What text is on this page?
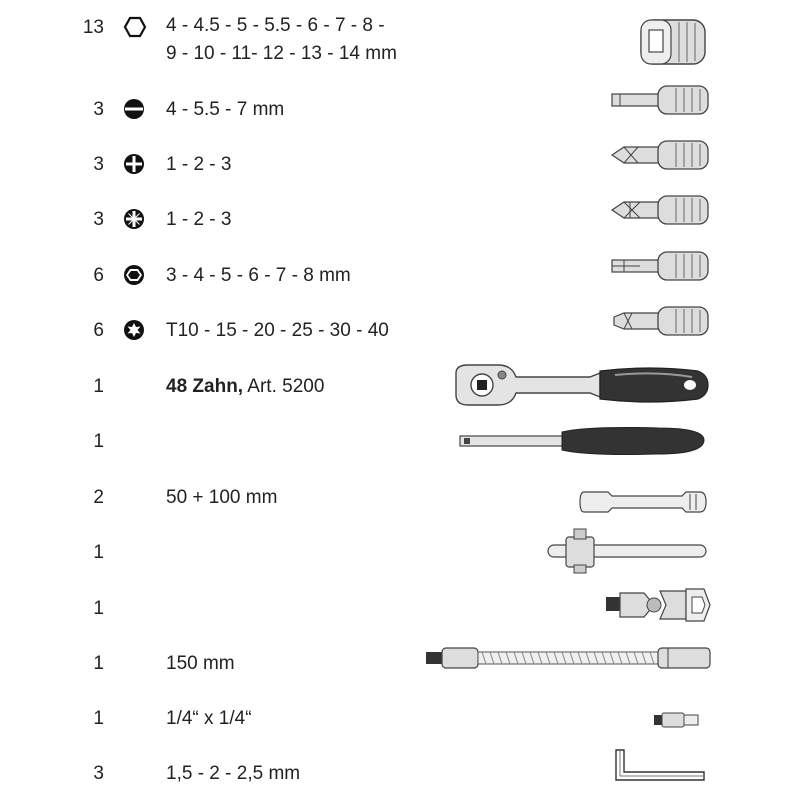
13	4 - 4.5 - 5 - 5.5 - 6 - 7 - 8 -
9 - 10 - 11- 12 - 13 - 14 mm
3	4 - 5.5 - 7 mm
3	1 - 2 - 3
3	1 - 2 - 3
6	3 - 4 - 5 - 6 - 7 - 8 mm
6	T10 - 15 - 20 - 25 - 30 - 40
1	48 Zahn, Art. 5200
1
2	50 + 100 mm
1
1
1	150 mm
1	1/4“ x 1/4“
3	1,5 - 2 - 2,5 mm
